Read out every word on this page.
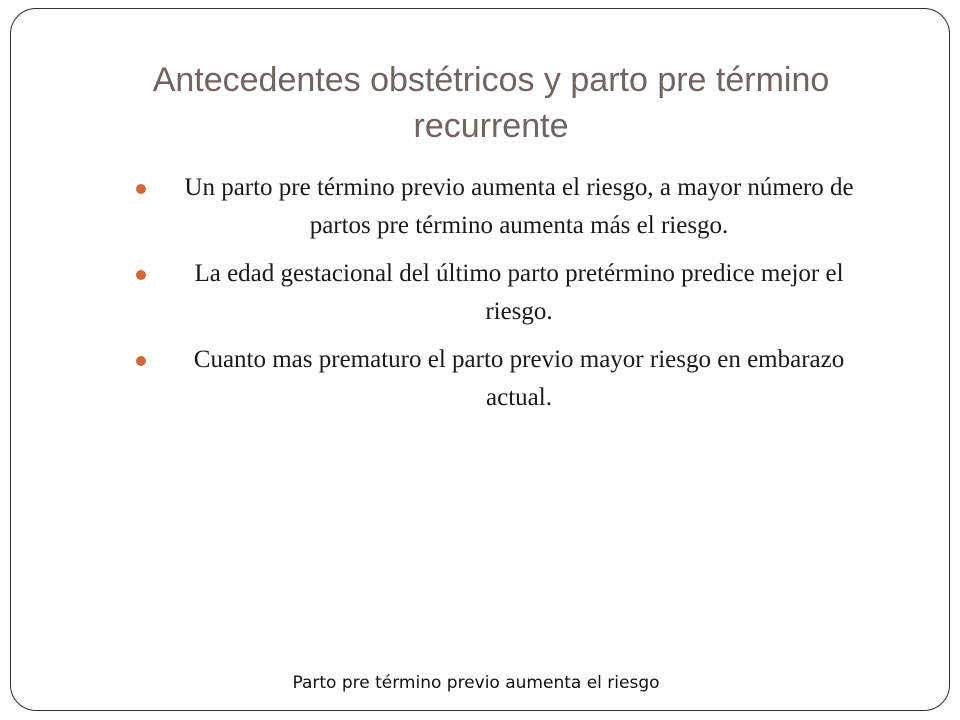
Antecedentes obstétricos y parto pre término recurrente
Un parto pre término previo aumenta el riesgo, a mayor número de partos pre término aumenta más el riesgo.
La edad gestacional del último parto pretérmino predice mejor el riesgo.
Cuanto mas prematuro el parto previo mayor riesgo en embarazo actual.
Parto pre término previo aumenta el riesgo
